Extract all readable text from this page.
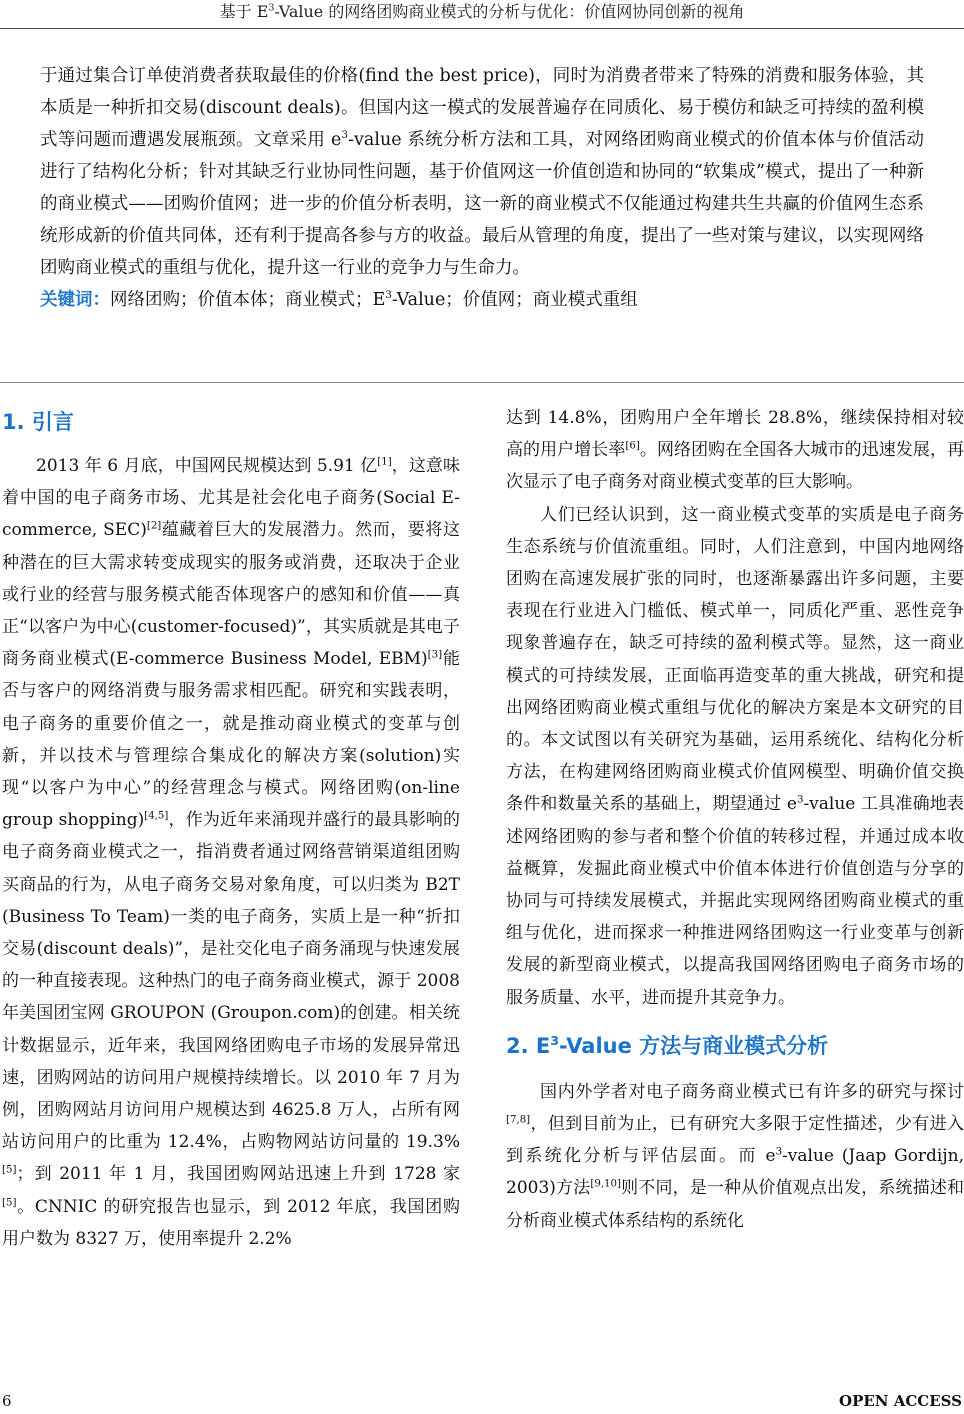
基于 $E^3$-Value 的网络团购商业模式的分析与优化：价值网协同创新的视角

于通过集合订单使消费者获取最佳的价格(find the best price)，同时为消费者带来了特殊的消费和服务体验，其本质是一种折扣交易(discount deals)。但国内这一模式的发展普遍存在同质化、易于模仿和缺乏可持续的盈利模式等问题而遭遇发展瓶颈。文章采用 $e^3$-value 系统分析方法和工具，对网络团购商业模式的价值本体与价值活动进行了结构化分析；针对其缺乏行业协同性问题，基于价值网这一价值创造和协同的“软集成”模式，提出了一种新的商业模式——团购价值网；进一步的价值分析表明，这一新的商业模式不仅能通过构建共生共赢的价值网生态系统形成新的价值共同体，还有利于提高各参与方的收益。最后从管理的角度，提出了一些对策与建议，以实现网络团购商业模式的重组与优化，提升这一行业的竞争力与生命力。

关键词：网络团购；价值本体；商业模式；$E^3$-Value；价值网；商业模式重组

1. 引言

2013 年 6 月底，中国网民规模达到 5.91 亿[1]，这意味着中国的电子商务市场、尤其是社会化电子商务(Social E-commerce, SEC)[2]蕴藏着巨大的发展潜力。然而，要将这种潜在的巨大需求转变成现实的服务或消费，还取决于企业或行业的经营与服务模式能否体现客户的感知和价值——真正“以客户为中心(customer-focused)”，其实质就是其电子商务商业模式(E-commerce Business Model, EBM)[3]能否与客户的网络消费与服务需求相匹配。研究和实践表明，电子商务的重要价值之一，就是推动商业模式的变革与创新，并以技术与管理综合集成化的解决方案(solution)实现“以客户为中心”的经营理念与模式。网络团购(on-line group shopping)[4,5]，作为近年来涌现并盛行的最具影响的电子商务商业模式之一，指消费者通过网络营销渠道组团购买商品的行为，从电子商务交易对象角度，可以归类为 B2T (Business To Team)一类的电子商务，实质上是一种“折扣交易(discount deals)”，是社交化电子商务涌现与快速发展的一种直接表现。这种热门的电子商务商业模式，源于 2008 年美国团宝网 GROUPON (Groupon.com)的创建。相关统计数据显示，近年来，我国网络团购电子市场的发展异常迅速，团购网站的访问用户规模持续增长。以 2010 年 7 月为例，团购网站月访问用户规模达到 4625.8 万人，占所有网站访问用户的比重为 12.4%，占购物网站访问量的 19.3%[5]；到 2011 年 1 月，我国团购网站迅速上升到 1728 家[5]。CNNIC 的研究报告也显示，到 2012 年底，我国团购用户数为 8327 万，使用率提升 2.2%

达到 14.8%，团购用户全年增长 28.8%，继续保持相对较高的用户增长率[6]。网络团购在全国各大城市的迅速发展，再次显示了电子商务对商业模式变革的巨大影响。

人们已经认识到，这一商业模式变革的实质是电子商务生态系统与价值流重组。同时，人们注意到，中国内地网络团购在高速发展扩张的同时，也逐渐暴露出许多问题，主要表现在行业进入门槛低、模式单一，同质化严重、恶性竞争现象普遍存在，缺乏可持续的盈利模式等。显然，这一商业模式的可持续发展，正面临再造变革的重大挑战，研究和提出网络团购商业模式重组与优化的解决方案是本文研究的目的。本文试图以有关研究为基础，运用系统化、结构化分析方法，在构建网络团购商业模式价值网模型、明确价值交换条件和数量关系的基础上，期望通过 $e^3$-value 工具准确地表述网络团购的参与者和整个价值的转移过程，并通过成本收益概算，发掘此商业模式中价值本体进行价值创造与分享的协同与可持续发展模式，并据此实现网络团购商业模式的重组与优化，进而探求一种推进网络团购这一行业变革与创新发展的新型商业模式，以提高我国网络团购电子商务市场的服务质量、水平，进而提升其竞争力。

2. $E^3$-Value 方法与商业模式分析

国内外学者对电子商务商业模式已有许多的研究与探讨[7,8]，但到目前为止，已有研究大多限于定性描述，少有进入到系统化分析与评估层面。而 $e^3$-value (Jaap Gordijn, 2003)方法[9,10]则不同，是一种从价值观点出发，系统描述和分析商业模式体系结构的系统化

6	OPEN ACCESS
